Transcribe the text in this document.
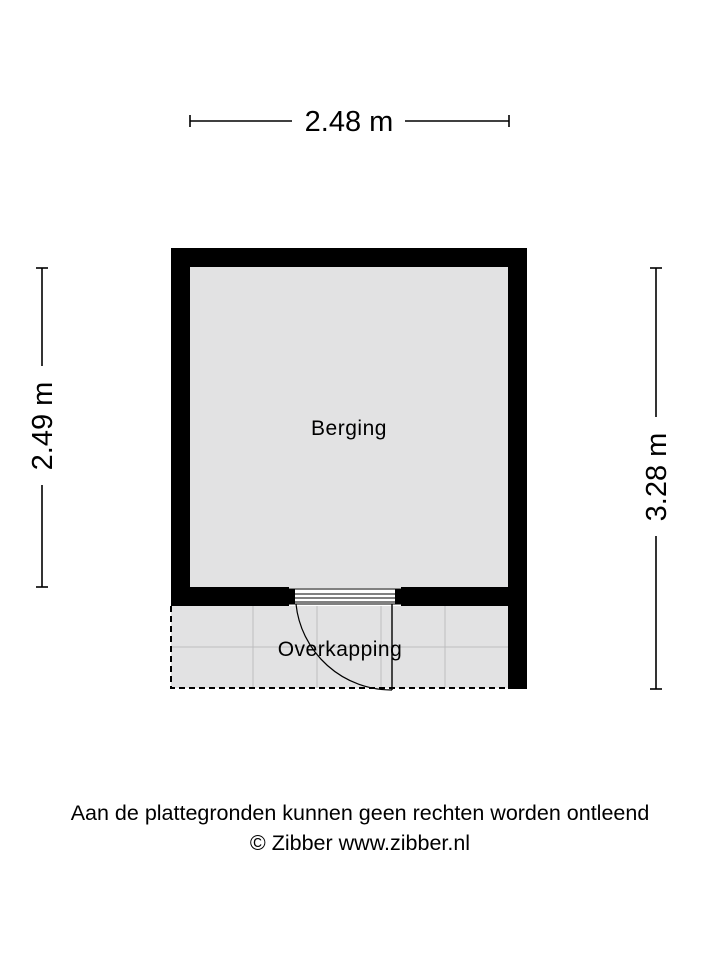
2.48 m
2.49 m
3.28 m
Berging
Overkapping
Aan de plattegronden kunnen geen rechten worden ontleend
© Zibber www.zibber.nl
